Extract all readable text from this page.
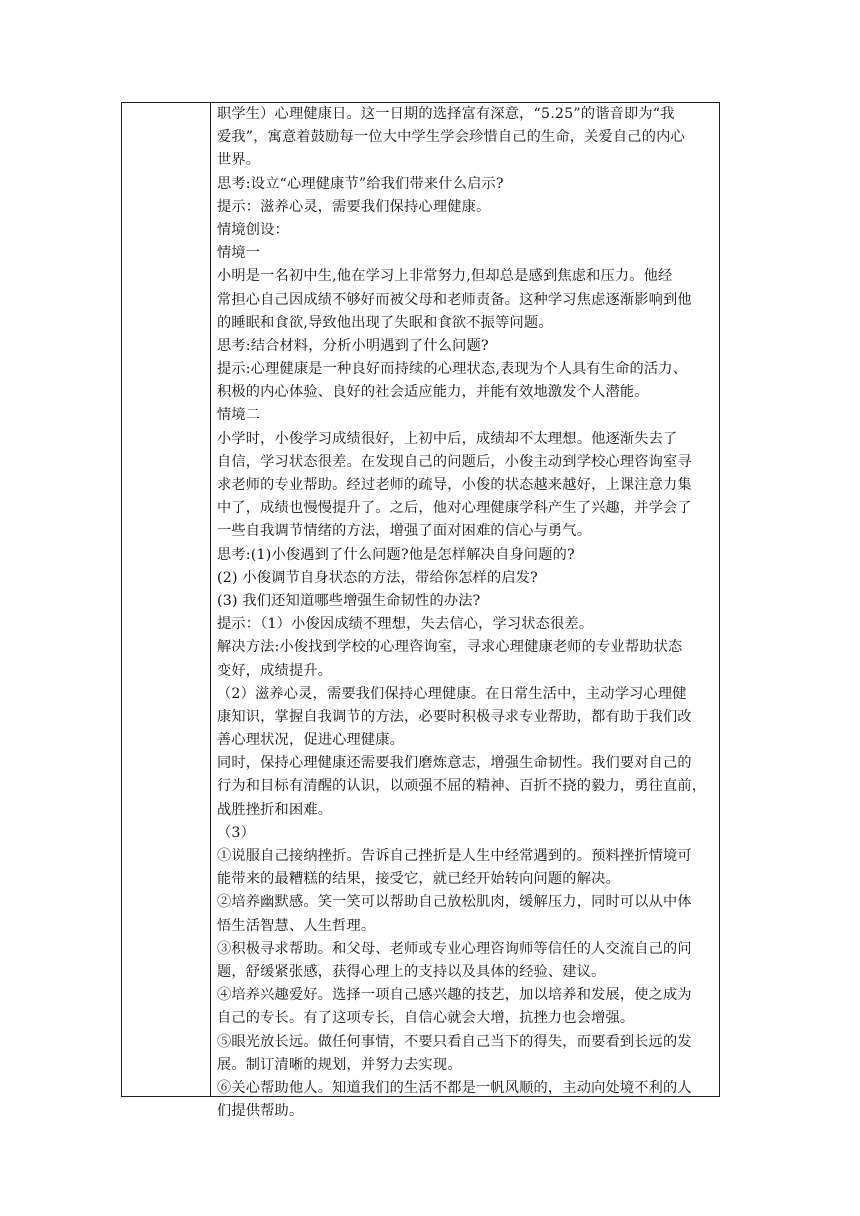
职学生）心理健康日。这一日期的选择富有深意，“5.25”的谐音即为“我
爱我”，寓意着鼓励每一位大中学生学会珍惜自己的生命，关爱自己的内心
世界。
思考:设立“心理健康节”给我们带来什么启示?
提示：滋养心灵，需要我们保持心理健康。
情境创设：
情境一
小明是一名初中生,他在学习上非常努力,但却总是感到焦虑和压力。他经
常担心自己因成绩不够好而被父母和老师责备。这种学习焦虑逐渐影响到他
的睡眠和食欲,导致他出现了失眠和食欲不振等问题。
思考:结合材料，分析小明遇到了什么问题?
提示:心理健康是一种良好而持续的心理状态,表现为个人具有生命的活力、
积极的内心体验、良好的社会适应能力，并能有效地激发个人潜能。
情境二
小学时，小俊学习成绩很好，上初中后，成绩却不太理想。他逐渐失去了
自信，学习状态很差。在发现自己的问题后，小俊主动到学校心理咨询室寻
求老师的专业帮助。经过老师的疏导，小俊的状态越来越好，上课注意力集
中了，成绩也慢慢提升了。之后，他对心理健康学科产生了兴趣，并学会了
一些自我调节情绪的方法，增强了面对困难的信心与勇气。
思考:(1)小俊遇到了什么问题?他是怎样解决自身问题的?
(2) 小俊调节自身状态的方法，带给你怎样的启发?
(3) 我们还知道哪些增强生命韧性的办法?
提示：（1）小俊因成绩不理想，失去信心，学习状态很差。
解决方法:小俊找到学校的心理咨询室，寻求心理健康老师的专业帮助状态
变好，成绩提升。
（2）滋养心灵，需要我们保持心理健康。在日常生活中，主动学习心理健
康知识，掌握自我调节的方法，必要时积极寻求专业帮助，都有助于我们改
善心理状况，促进心理健康。
同时，保持心理健康还需要我们磨炼意志，增强生命韧性。我们要对自己的
行为和目标有清醒的认识，以顽强不屈的精神、百折不挠的毅力，勇往直前，
战胜挫折和困难。
（3）
①说服自己接纳挫折。告诉自己挫折是人生中经常遇到的。预料挫折情境可
能带来的最糟糕的结果，接受它，就已经开始转向问题的解决。
②培养幽默感。笑一笑可以帮助自己放松肌肉，缓解压力，同时可以从中体
悟生活智慧、人生哲理。
③积极寻求帮助。和父母、老师或专业心理咨询师等信任的人交流自己的问
题，舒缓紧张感，获得心理上的支持以及具体的经验、建议。
④培养兴趣爱好。选择一项自己感兴趣的技艺，加以培养和发展，使之成为
自己的专长。有了这项专长，自信心就会大增，抗挫力也会增强。
⑤眼光放长远。做任何事情，不要只看自己当下的得失，而要看到长远的发
展。制订清晰的规划，并努力去实现。
⑥关心帮助他人。知道我们的生活不都是一帆风顺的，主动向处境不利的人
们提供帮助。
